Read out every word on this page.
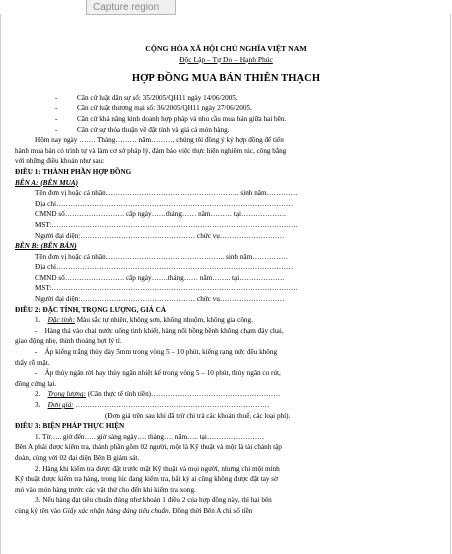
Capture region
CỘNG HÒA XÃ HỘI CHỦ NGHĨA VIỆT NAM
Độc Lập – Tự Do – Hạnh Phúc
HỢP ĐỒNG MUA BÁN THIÊN THẠCH
-	Căn cứ luật dân sự số: 35/2005/QH11 ngày 14/06/2005.
-	Căn cứ luật thương mại số: 36/2005/QH11 ngày 27/06/2005.
-	Căn cứ khả năng kinh doanh hợp pháp và nhu cầu mua bán giữa hai bên.
-	Căn cứ sự thỏa thuận về đặt tính và giá cả món hàng.
Hôm nay ngày ……. Tháng……… năm………, chúng tôi đồng ý ký hợp đồng để tiến
hành mua bán có trình tự và làm cơ sở pháp lý, đảm bảo việc thực hiện nghiêm túc, công bằng
với những điều khoản như sau:
ĐIỀU 1: THÀNH PHẦN HỢP ĐỒNG
BÊN A: (BÊN MUA)
Tên đơn vị hoặc cá nhân……………………………………………….. sinh năm………….
Địa chỉ………………………………………………………………………………………
CMND số……………………. cấp ngày……tháng…… năm……… tại……………….
MST:………………………………………………………………………………………….
Người đại diện:………………………………………… chức vụ………………………
BÊN B: (BÊN BÁN)
Tên đơn vị hoặc cá nhân………………………………………….. sinh năm……………
Địa chỉ………………………………………………………………………………………
CMND số……………………. cấp ngày…….tháng…… năm…….. tại……………….
MST:………………………………………………………………………………………….
Người đại diện:………………………………………… chức vụ………………………
ĐIỀU 2: ĐẶC TÍNH, TRỌNG LƯỢNG, GIÁ CẢ
1. Đặc tính: Màu sắc tự nhiên, không sơn, không nhuộm, không gia công.
-    Hàng thả vào chai nước uống tinh khiết, hàng nổi bồng bềnh không chạm đáy chai,
giao động nhẹ, thỉnh thoảng bợt lý tí.
-    Áp kiếng trắng thủy dày 5mm trong vòng 5 – 10 phút, kiếng rạng nức đều không
thấy rỗ mặt.
-    Áp thủy ngân rời hay thủy ngân nhiệt kế trong vòng 5 – 10 phút, thủy ngân co rút,
đông cứng lại.
2. Trọng lượng: (Cân thực tế tính tiền)………………………………………………
3. Đơn giá: ………………………………………………………………………
(Đơn giá trên sau khi đã trừ chi trả các khoản thuế, các loại phí).
ĐIỀU 3: BIỆN PHÁP THỰC HIỆN
1. Từ….. giờ đến….. giờ sáng ngày…. tháng…. năm….. tại……………………
Bên A phải được kiểm tra, thành phần gồm 02 người, một là Kỹ thuật và một là tài chánh tập
đoàn, cùng với 02 đại diện Bên B giám sát.
2. Hàng khi kiểm tra được đặt trước mặt Kỹ thuật và mọi người, nhưng chỉ một mình
Kỹ thuật được kiểm tra hàng, trong lúc đang kiểm tra, bất kỳ ai cũng không được đặt tay sờ
mó vào món hàng trước các vật thử cho đến khi kiểm tra xong.
3. Nếu hàng đạt tiêu chuẩn đúng như khoản 1 điều 2 của hợp đồng này, thì hai bên
cùng ký tên vào Giấy xác nhận hàng đúng tiêu chuẩn. Đồng thời Bên A chỉ số tiền
